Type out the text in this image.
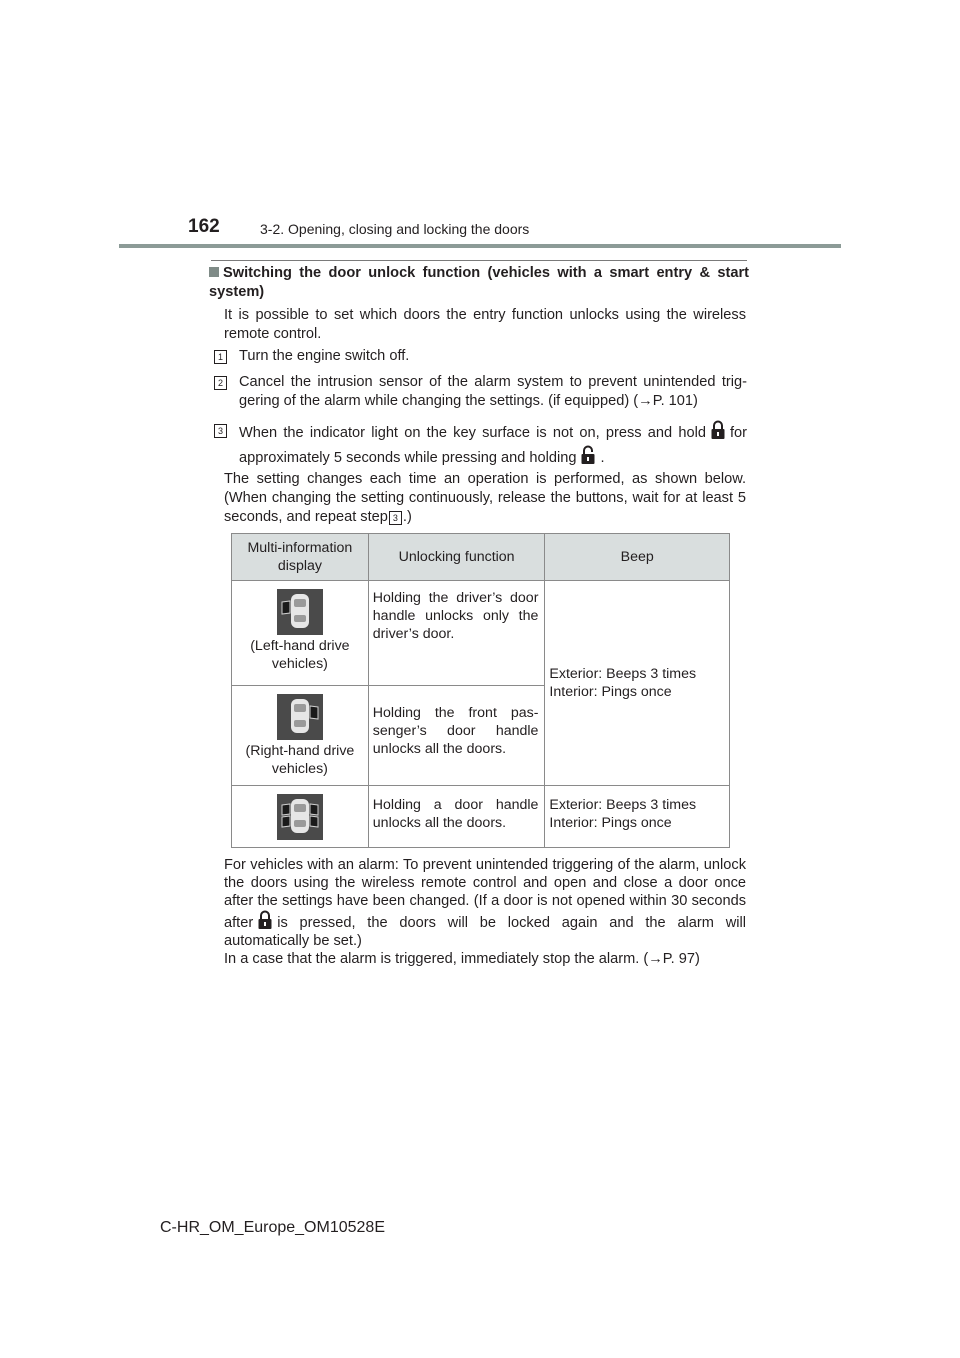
162	3-2. Opening, closing and locking the doors
Switching the door unlock function (vehicles with a smart entry & start system)
It is possible to set which doors the entry function unlocks using the wireless remote control.
1 Turn the engine switch off.
2 Cancel the intrusion sensor of the alarm system to prevent unintended trig-gering of the alarm while changing the settings. (if equipped) (→P. 101)
3 When the indicator light on the key surface is not on, press and hold for approximately 5 seconds while pressing and holding .
The setting changes each time an operation is performed, as shown below. (When changing the setting continuously, release the buttons, wait for at least 5 seconds, and repeat step 3 .)
Multi-information display	Unlocking function	Beep

(Left-hand drive vehicles)	Holding the driver’s door handle unlocks only the driver’s door.	Exterior: Beeps 3 times
Interior: Pings once

(Right-hand drive vehicles)	Holding the front pas-senger’s door handle unlocks all the doors.	

	Holding a door handle unlocks all the doors.	Exterior: Beeps 3 times
Interior: Pings once
For vehicles with an alarm: To prevent unintended triggering of the alarm, unlock the doors using the wireless remote control and open and close a door once after the settings have been changed. (If a door is not opened within 30 seconds after is pressed, the doors will be locked again and the alarm will automatically be set.)
In a case that the alarm is triggered, immediately stop the alarm. (→P. 97)
C-HR_OM_Europe_OM10528E
